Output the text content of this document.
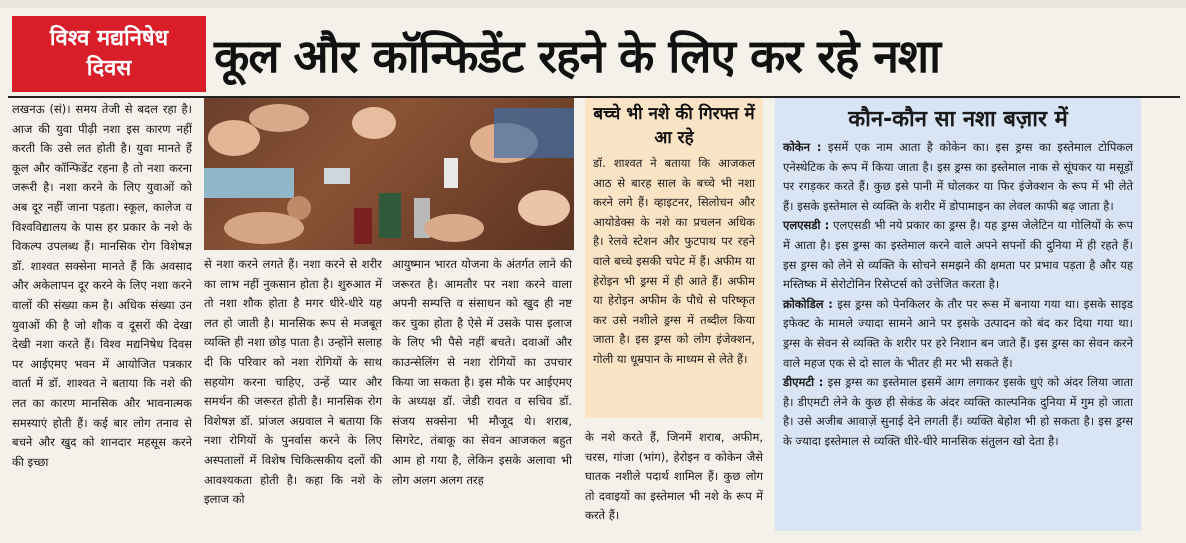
विश्व मद्यनिषेध
दिवस कूल और कॉन्फिडेंट रहने के लिए कर रहे नशा
लखनऊ (सं)। समय तेजी से बदल रहा है। आज की युवा पीढ़ी नशा इस कारण नहीं करती कि उसे लत होती है। युवा मानते हैं कूल और कॉन्फिडेंट रहना है तो नशा करना जरूरी है। नशा करने के लिए युवाओं को अब दूर नहीं जाना पड़ता। स्कूल, कालेज व विश्वविद्यालय के पास हर प्रकार के नशे के विकल्प उपलब्ध हैं। मानसिक रोग विशेषज्ञ डॉ. शाश्वत सक्सेना मानते हैं कि अवसाद और अकेलापन दूर करने के लिए नशा करने वालों की संख्या कम है। अधिक संख्या उन युवाओं की है जो शौक व दूसरों की देखा देखी नशा करते हैं। विश्व मद्यनिषेध दिवस पर आईएमए भवन में आयोजित पत्रकार वार्ता में डॉ. शाश्वत ने बताया कि नशे की लत का कारण मानसिक और भावनात्मक समस्याएं होती हैं। कई बार लोग तनाव से बचने और खुद को शानदार महसूस करने की इच्छा
से नशा करने लगते हैं। नशा करने से शरीर का लाभ नहीं नुकसान होता है। शुरुआत में तो नशा शौक होता है मगर धीरे-धीरे यह लत हो जाती है। मानसिक रूप से मजबूत व्यक्ति ही नशा छोड़ पाता है। उन्होंने सलाह दी कि परिवार को नशा रोगियों के साथ सहयोग करना चाहिए, उन्हें प्यार और समर्थन की जरूरत होती है। मानसिक रोग विशेषज्ञ डॉ. प्रांजल अग्रवाल ने बताया कि नशा रोगियों के पुनर्वास करने के लिए अस्पतालों में विशेष चिकित्सकीय दलों की आवश्यकता होती है। कहा कि नशे के इलाज को
आयुष्मान भारत योजना के अंतर्गत लाने की जरूरत है। आमतौर पर नशा करने वाला अपनी सम्पत्ति व संसाधन को खुद ही नष्ट कर चुका होता है ऐसे में उसके पास इलाज के लिए भी पैसे नहीं बचते। दवाओं और काउन्सेलिंग से नशा रोगियों का उपचार किया जा सकता है। इस मौके पर आईएमए के अध्यक्ष डॉ. जेडी रावत व सचिव डॉ. संजय सक्सेना भी मौजूद थे। शराब, सिगरेट, तंबाकू का सेवन आजकल बहुत आम हो गया है, लेकिन इसके अलावा भी लोग अलग अलग तरह
बच्चे भी नशे की गिरफ्त में आ रहे
डॉ. शाश्वत ने बताया कि आजकल आठ से बारह साल के बच्चे भी नशा करने लगे हैं। व्हाइटनर, सिलोचन और आयोडेक्स के नशे का प्रचलन अधिक है। रेलवे स्टेशन और फुटपाथ पर रहने वाले बच्चे इसकी चपेट में हैं। अफीम या हेरोइन भी ड्रग्स में ही आते हैं। अफीम या हेरोइन अफीम के पौधे से परिष्कृत कर उसे नशीले ड्रग्स में तब्दील किया जाता है। इस ड्रग्स को लोग इंजेक्शन, गोली या धूम्रपान के माध्यम से लेते हैं।
के नशे करते हैं, जिनमें शराब, अफीम, चरस, गांजा (भांग), हेरोइन व कोकेन जैसे घातक नशीले पदार्थ शामिल हैं। कुछ लोग तो दवाइयों का इस्तेमाल भी नशे के रूप में करते हैं।
कौन-कौन सा नशा बज़ार में

कोकेन : इसमें एक नाम आता है कोकेन का। इस ड्रग्स का इस्तेमाल टोपिकल एनेस्थेटिक के रूप में किया जाता है। इस ड्रग्स का इस्तेमाल नाक से सूंघकर या मसूड़ों पर रगड़कर करते हैं। कुछ इसे पानी में घोलकर या फिर इंजेक्शन के रूप में भी लेते हैं। इसके इस्तेमाल से व्यक्ति के शरीर में डोपामाइन का लेवल काफी बढ़ जाता है।

एलएसडी : एलएसडी भी नये प्रकार का ड्रग्स है। यह ड्रग्स जेलेटिन या गोलियों के रूप में आता है। इस ड्रग्स का इस्तेमाल करने वाले अपने सपनों की दुनिया में ही रहते हैं। इस ड्रग्स को लेने से व्यक्ति के सोचने समझने की क्षमता पर प्रभाव पड़ता है और यह मस्तिष्क में सेरोटोनिन रिसेप्टर्स को उत्तेजित करता है।

क्रोकोडिल : इस ड्रग्स को पेनकिलर के तौर पर रूस में बनाया गया था। इसके साइड इफेक्ट के मामले ज्यादा सामने आने पर इसके उत्पादन को बंद कर दिया गया था। ड्रग्स के सेवन से व्यक्ति के शरीर पर हरे निशान बन जाते हैं। इस ड्रग्स का सेवन करने वाले महज एक से दो साल के भीतर ही मर भी सकते हैं।

डीएमटी : इस ड्रग्स का इस्तेमाल इसमें आग लगाकर इसके धुएं को अंदर लिया जाता है। डीएमटी लेने के कुछ ही सेकंड के अंदर व्यक्ति काल्पनिक दुनिया में गुम हो जाता है। उसे अजीब आवाज़ें सुनाई देने लगती हैं। व्यक्ति बेहोश भी हो सकता है। इस ड्रग्स के ज्यादा इस्तेमाल से व्यक्ति धीरे-धीरे मानसिक संतुलन खो देता है।
